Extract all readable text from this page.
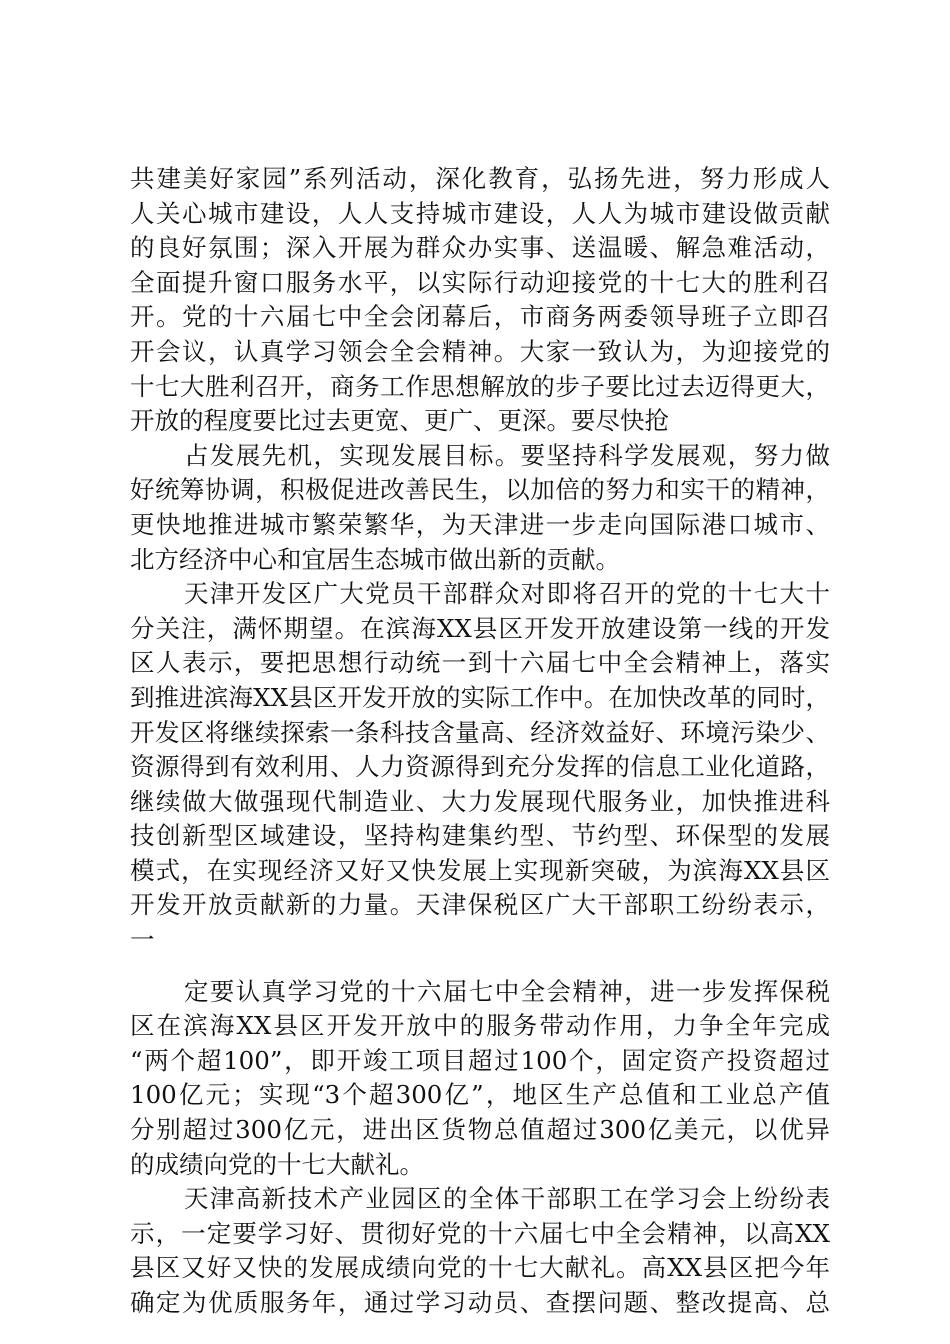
共建美好家园”系列活动，深化教育，弘扬先进，努力形成人
人关心城市建设，人人支持城市建设，人人为城市建设做贡献
的良好氛围；深入开展为群众办实事、送温暖、解急难活动，
全面提升窗口服务水平，以实际行动迎接党的十七大的胜利召
开。党的十六届七中全会闭幕后，市商务两委领导班子立即召
开会议，认真学习领会全会精神。大家一致认为，为迎接党的
十七大胜利召开，商务工作思想解放的步子要比过去迈得更大，
开放的程度要比过去更宽、更广、更深。要尽快抢
占发展先机，实现发展目标。要坚持科学发展观，努力做
好统筹协调，积极促进改善民生，以加倍的努力和实干的精神，
更快地推进城市繁荣繁华，为天津进一步走向国际港口城市、
北方经济中心和宜居生态城市做出新的贡献。
天津开发区广大党员干部群众对即将召开的党的十七大十
分关注，满怀期望。在滨海XX县区开发开放建设第一线的开发
区人表示，要把思想行动统一到十六届七中全会精神上，落实
到推进滨海XX县区开发开放的实际工作中。在加快改革的同时，
开发区将继续探索一条科技含量高、经济效益好、环境污染少、
资源得到有效利用、人力资源得到充分发挥的信息工业化道路，
继续做大做强现代制造业、大力发展现代服务业，加快推进科
技创新型区域建设，坚持构建集约型、节约型、环保型的发展
模式，在实现经济又好又快发展上实现新突破，为滨海XX县区
开发开放贡献新的力量。天津保税区广大干部职工纷纷表示，
一
定要认真学习党的十六届七中全会精神，进一步发挥保税
区在滨海XX县区开发开放中的服务带动作用，力争全年完成
“两个超100”，即开竣工项目超过100个，固定资产投资超过
100亿元；实现“3个超300亿”，地区生产总值和工业总产值
分别超过300亿元，进出区货物总值超过300亿美元，以优异
的成绩向党的十七大献礼。
天津高新技术产业园区的全体干部职工在学习会上纷纷表
示，一定要学习好、贯彻好党的十六届七中全会精神，以高XX
县区又好又快的发展成绩向党的十七大献礼。高XX县区把今年
确定为优质服务年，通过学习动员、查摆问题、整改提高、总
